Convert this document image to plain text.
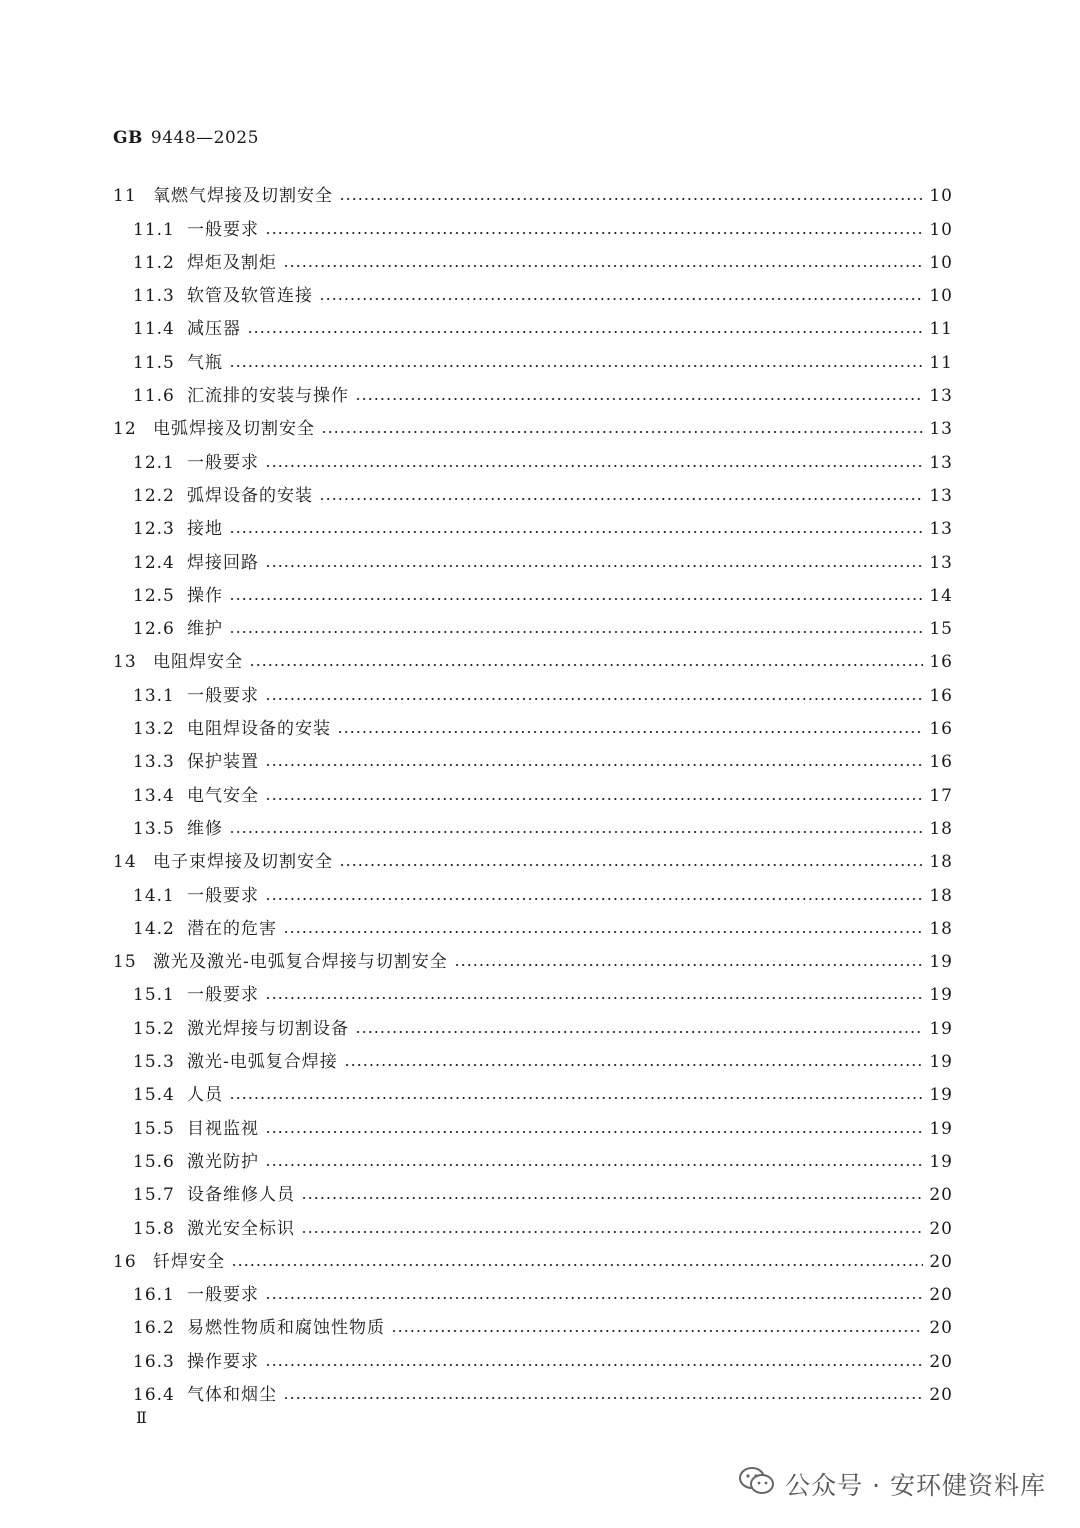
GB 9448—2025
11 氧燃气焊接及切割安全	10
11.1 一般要求	10
11.2 焊炬及割炬	10
11.3 软管及软管连接	10
11.4 减压器	11
11.5 气瓶	11
11.6 汇流排的安装与操作	13
12 电弧焊接及切割安全	13
12.1 一般要求	13
12.2 弧焊设备的安装	13
12.3 接地	13
12.4 焊接回路	13
12.5 操作	14
12.6 维护	15
13 电阻焊安全	16
13.1 一般要求	16
13.2 电阻焊设备的安装	16
13.3 保护装置	16
13.4 电气安全	17
13.5 维修	18
14 电子束焊接及切割安全	18
14.1 一般要求	18
14.2 潜在的危害	18
15 激光及激光-电弧复合焊接与切割安全	19
15.1 一般要求	19
15.2 激光焊接与切割设备	19
15.3 激光-电弧复合焊接	19
15.4 人员	19
15.5 目视监视	19
15.6 激光防护	19
15.7 设备维修人员	20
15.8 激光安全标识	20
16 钎焊安全	20
16.1 一般要求	20
16.2 易燃性物质和腐蚀性物质	20
16.3 操作要求	20
16.4 气体和烟尘	20
Ⅱ
公众号 · 安环健资料库
